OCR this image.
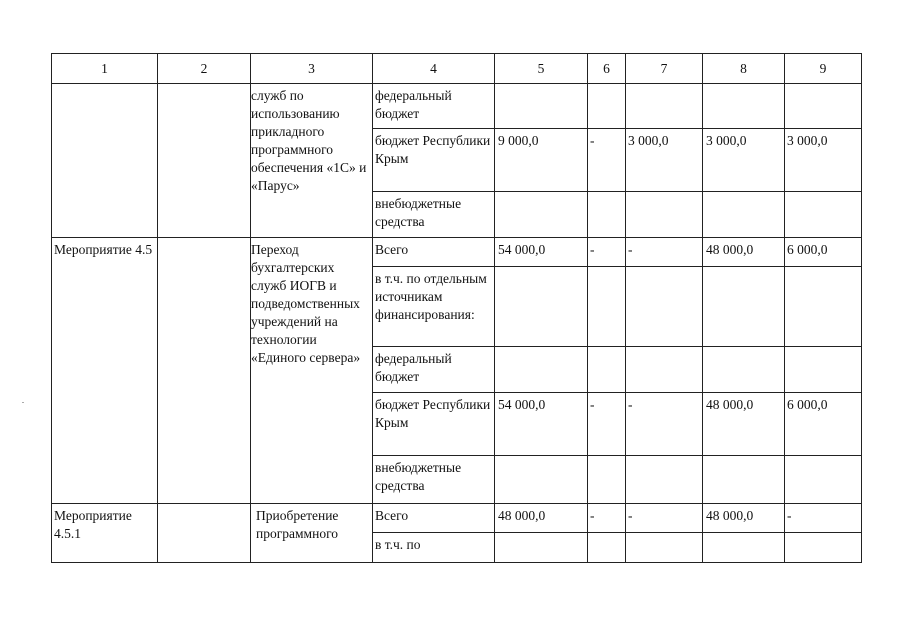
1	2	3	4	5	6	7	8	9

		служб по использованию прикладного программного обеспечения «1С» и «Парус»	федеральный бюджет					

			бюджет Республики Крым	9 000,0	-	3 000,0	3 000,0	3 000,0

			внебюджетные средства					

Мероприятие 4.5		Переход бухгалтерских служб ИОГВ и подведомственных учреждений на технологии «Единого сервера»	Всего	54 000,0	-	-	48 000,0	6 000,0

			в т.ч. по отдельным источникам финансирования:					

			федеральный бюджет					

			бюджет Республики Крым	54 000,0	-	-	48 000,0	6 000,0

			внебюджетные средства					

Мероприятие 4.5.1		Приобретение программного	Всего	48 000,0	-	-	48 000,0	-

			в т.ч. по					
